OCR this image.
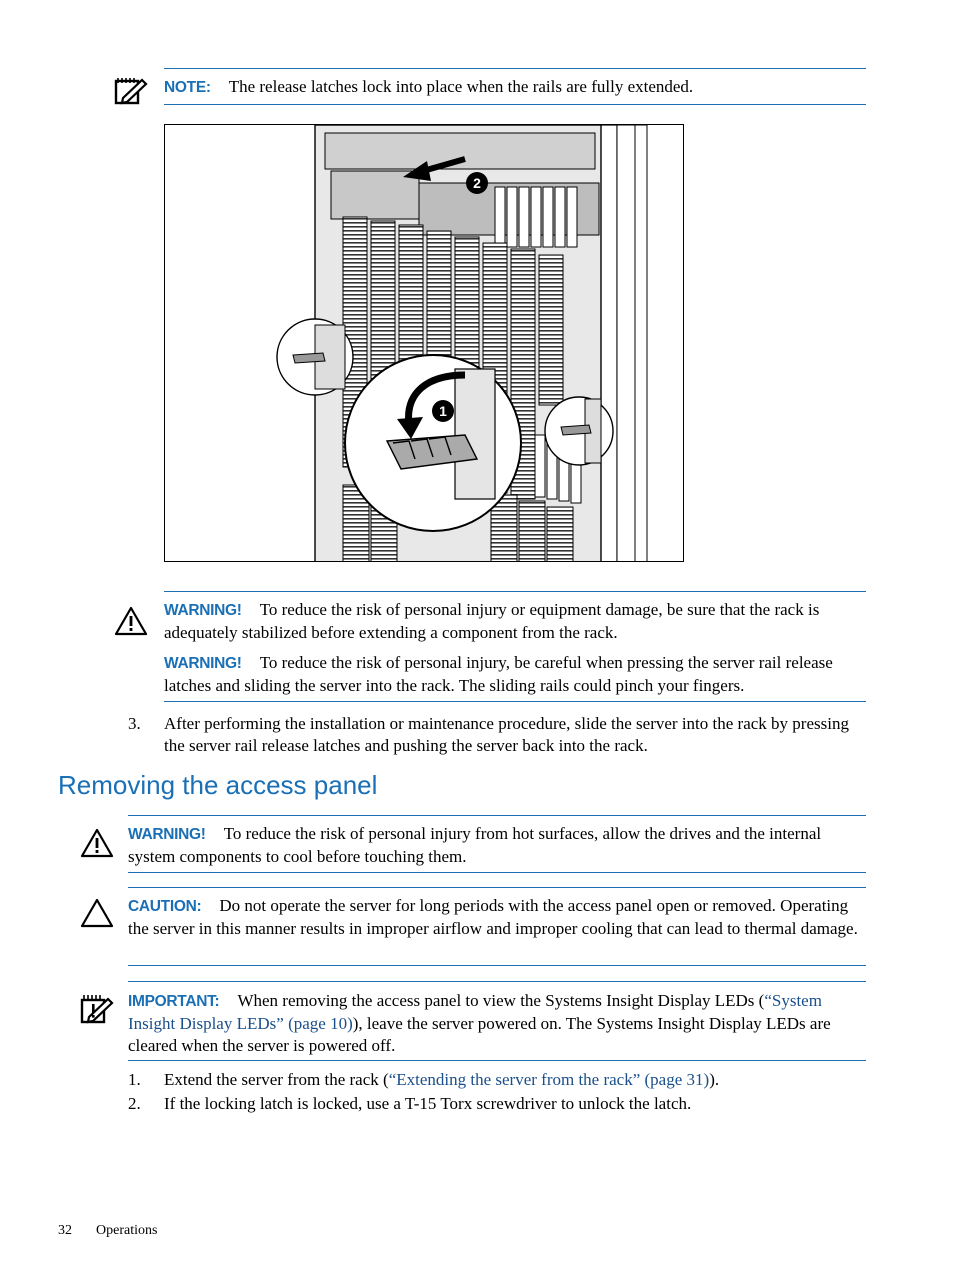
NOTE: The release latches lock into place when the rails are fully extended.

1
2

WARNING! To reduce the risk of personal injury or equipment damage, be sure that the rack is adequately stabilized before extending a component from the rack.

WARNING! To reduce the risk of personal injury, be careful when pressing the server rail release latches and sliding the server into the rack. The sliding rails could pinch your fingers.

3.	After performing the installation or maintenance procedure, slide the server into the rack by pressing the server rail release latches and pushing the server back into the rack.

Removing the access panel

WARNING! To reduce the risk of personal injury from hot surfaces, allow the drives and the internal system components to cool before touching them.

CAUTION: Do not operate the server for long periods with the access panel open or removed. Operating the server in this manner results in improper airflow and improper cooling that can lead to thermal damage.

IMPORTANT: When removing the access panel to view the Systems Insight Display LEDs (“System Insight Display LEDs” (page 10)), leave the server powered on. The Systems Insight Display LEDs are cleared when the server is powered off.

1.	Extend the server from the rack (“Extending the server from the rack” (page 31)).

2.	If the locking latch is locked, use a T-15 Torx screwdriver to unlock the latch.

32 Operations
